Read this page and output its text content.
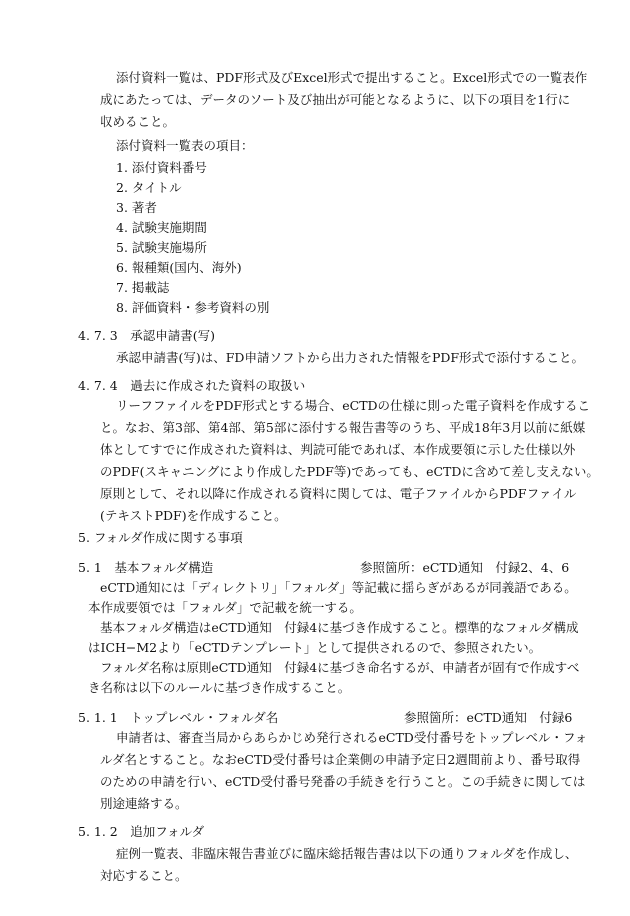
添付資料一覧は、PDF形式及びExcel形式で提出すること。Excel形式での一覧表作
成にあたっては、データのソート及び抽出が可能となるように、以下の項目を1行に
収めること。
添付資料一覧表の項目：
1. 添付資料番号
2. タイトル
3. 著者
4. 試験実施期間
5. 試験実施場所
6. 報種類(国内、海外)
7. 掲載誌
8. 評価資料・参考資料の別
4. 7. 3　承認申請書(写)
承認申請書(写)は、FD申請ソフトから出力された情報をPDF形式で添付すること。
4. 7. 4　過去に作成された資料の取扱い
リーフファイルをPDF形式とする場合、eCTDの仕様に則った電子資料を作成するこ
と。なお、第3部、第4部、第5部に添付する報告書等のうち、平成18年3月以前に紙媒
体としてすでに作成された資料は、判読可能であれば、本作成要領に示した仕様以外
のPDF(スキャニングにより作成したPDF等)であっても、eCTDに含めて差し支えない。
原則として、それ以降に作成される資料に関しては、電子ファイルからPDFファイル
(テキストPDF)を作成すること。
5. フォルダ作成に関する事項
5. 1　基本フォルダ構造	参照箇所：eCTD通知　付録2、4、6
eCTD通知には「ディレクトリ」「フォルダ」等記載に揺らぎがあるが同義語である。
本作成要領では「フォルダ」で記載を統一する。
基本フォルダ構造はeCTD通知　付録4に基づき作成すること。標準的なフォルダ構成
はICH−M2より「eCTDテンプレート」として提供されるので、参照されたい。
フォルダ名称は原則eCTD通知　付録4に基づき命名するが、申請者が固有で作成すべ
き名称は以下のルールに基づき作成すること。
5. 1. 1　トップレベル・フォルダ名	参照箇所：eCTD通知　付録6
申請者は、審査当局からあらかじめ発行されるeCTD受付番号をトップレベル・フォ
ルダ名とすること。なおeCTD受付番号は企業側の申請予定日2週間前より、番号取得
のための申請を行い、eCTD受付番号発番の手続きを行うこと。この手続きに関しては
別途連絡する。
5. 1. 2　追加フォルダ
症例一覧表、非臨床報告書並びに臨床総括報告書は以下の通りフォルダを作成し、
対応すること。
